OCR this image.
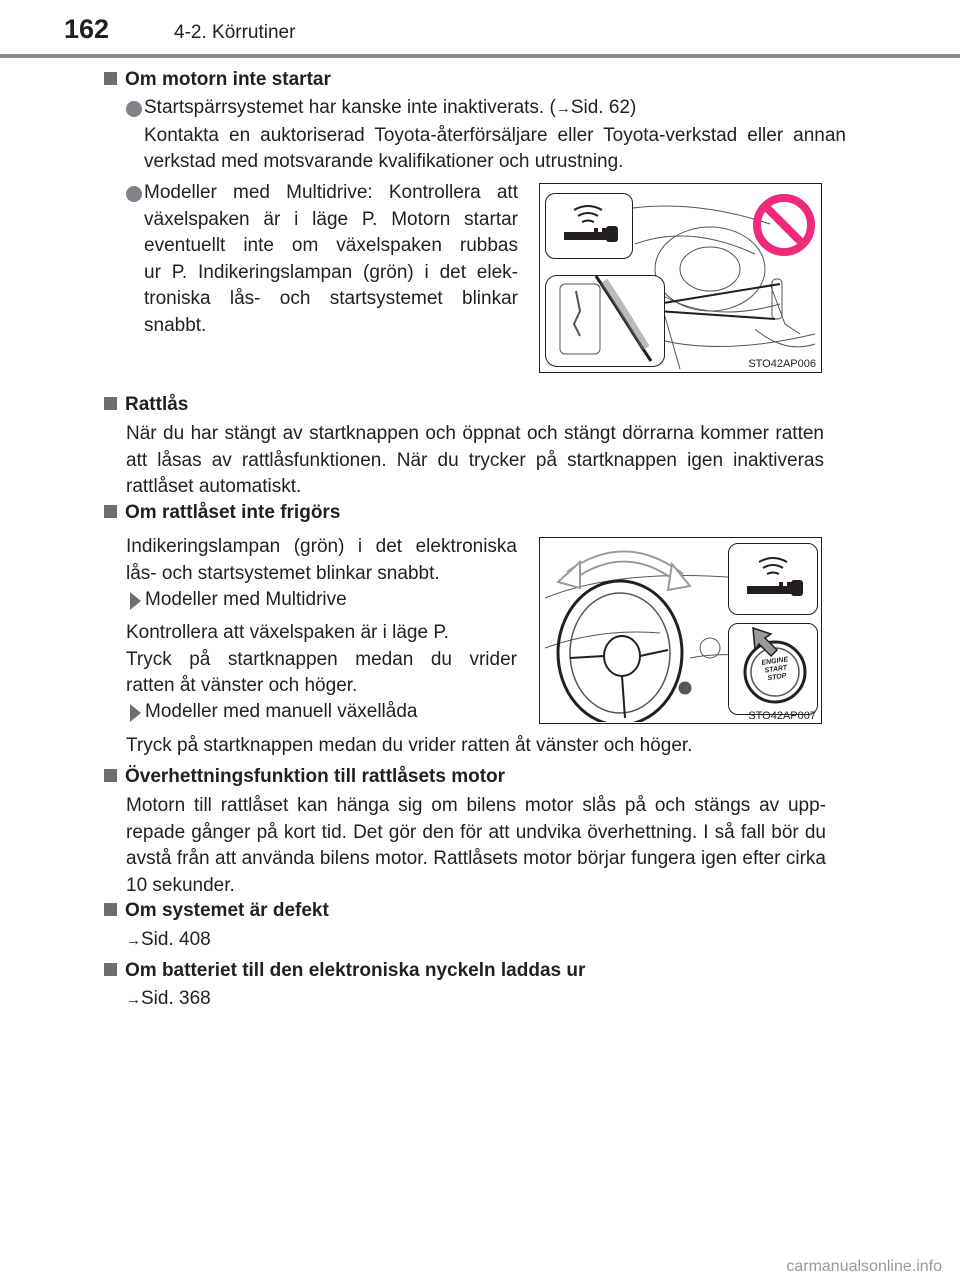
162	4-2. Körrutiner
Om motorn inte startar
Startspärrsystemet har kanske inte inaktiverats. (→Sid. 62)
Kontakta en auktoriserad Toyota-återförsäljare eller Toyota-verkstad eller annan verkstad med motsvarande kvalifikationer och utrustning.
Modeller med Multidrive: Kontrollera att
växelspaken är i läge P. Motorn startar
eventuellt inte om växelspaken rubbas
ur P. Indikeringslampan (grön) i det elek-
troniska lås- och startsystemet blinkar
snabbt.
STO42AP006
Rattlås
När du har stängt av startknappen och öppnat och stängt dörrarna kommer ratten att låsas av rattlåsfunktionen. När du trycker på startknappen igen inaktiveras rattlåset automatiskt.
Om rattlåset inte frigörs
Indikeringslampan (grön) i det elektroniska
lås- och startsystemet blinkar snabbt.
Modeller med Multidrive
Kontrollera att växelspaken är i läge P.
Tryck på startknappen medan du vrider
ratten åt vänster och höger.
Modeller med manuell växellåda
Tryck på startknappen medan du vrider ratten åt vänster och höger.
ENGINE
START
STOP
STO42AP007
Överhettningsfunktion till rattlåsets motor
Motorn till rattlåset kan hänga sig om bilens motor slås på och stängs av upp-repade gånger på kort tid. Det gör den för att undvika överhettning. I så fall bör du avstå från att använda bilens motor. Rattlåsets motor börjar fungera igen efter cirka 10 sekunder.
Om systemet är defekt
→Sid. 408
Om batteriet till den elektroniska nyckeln laddas ur
→Sid. 368
carmanualsonline.info
